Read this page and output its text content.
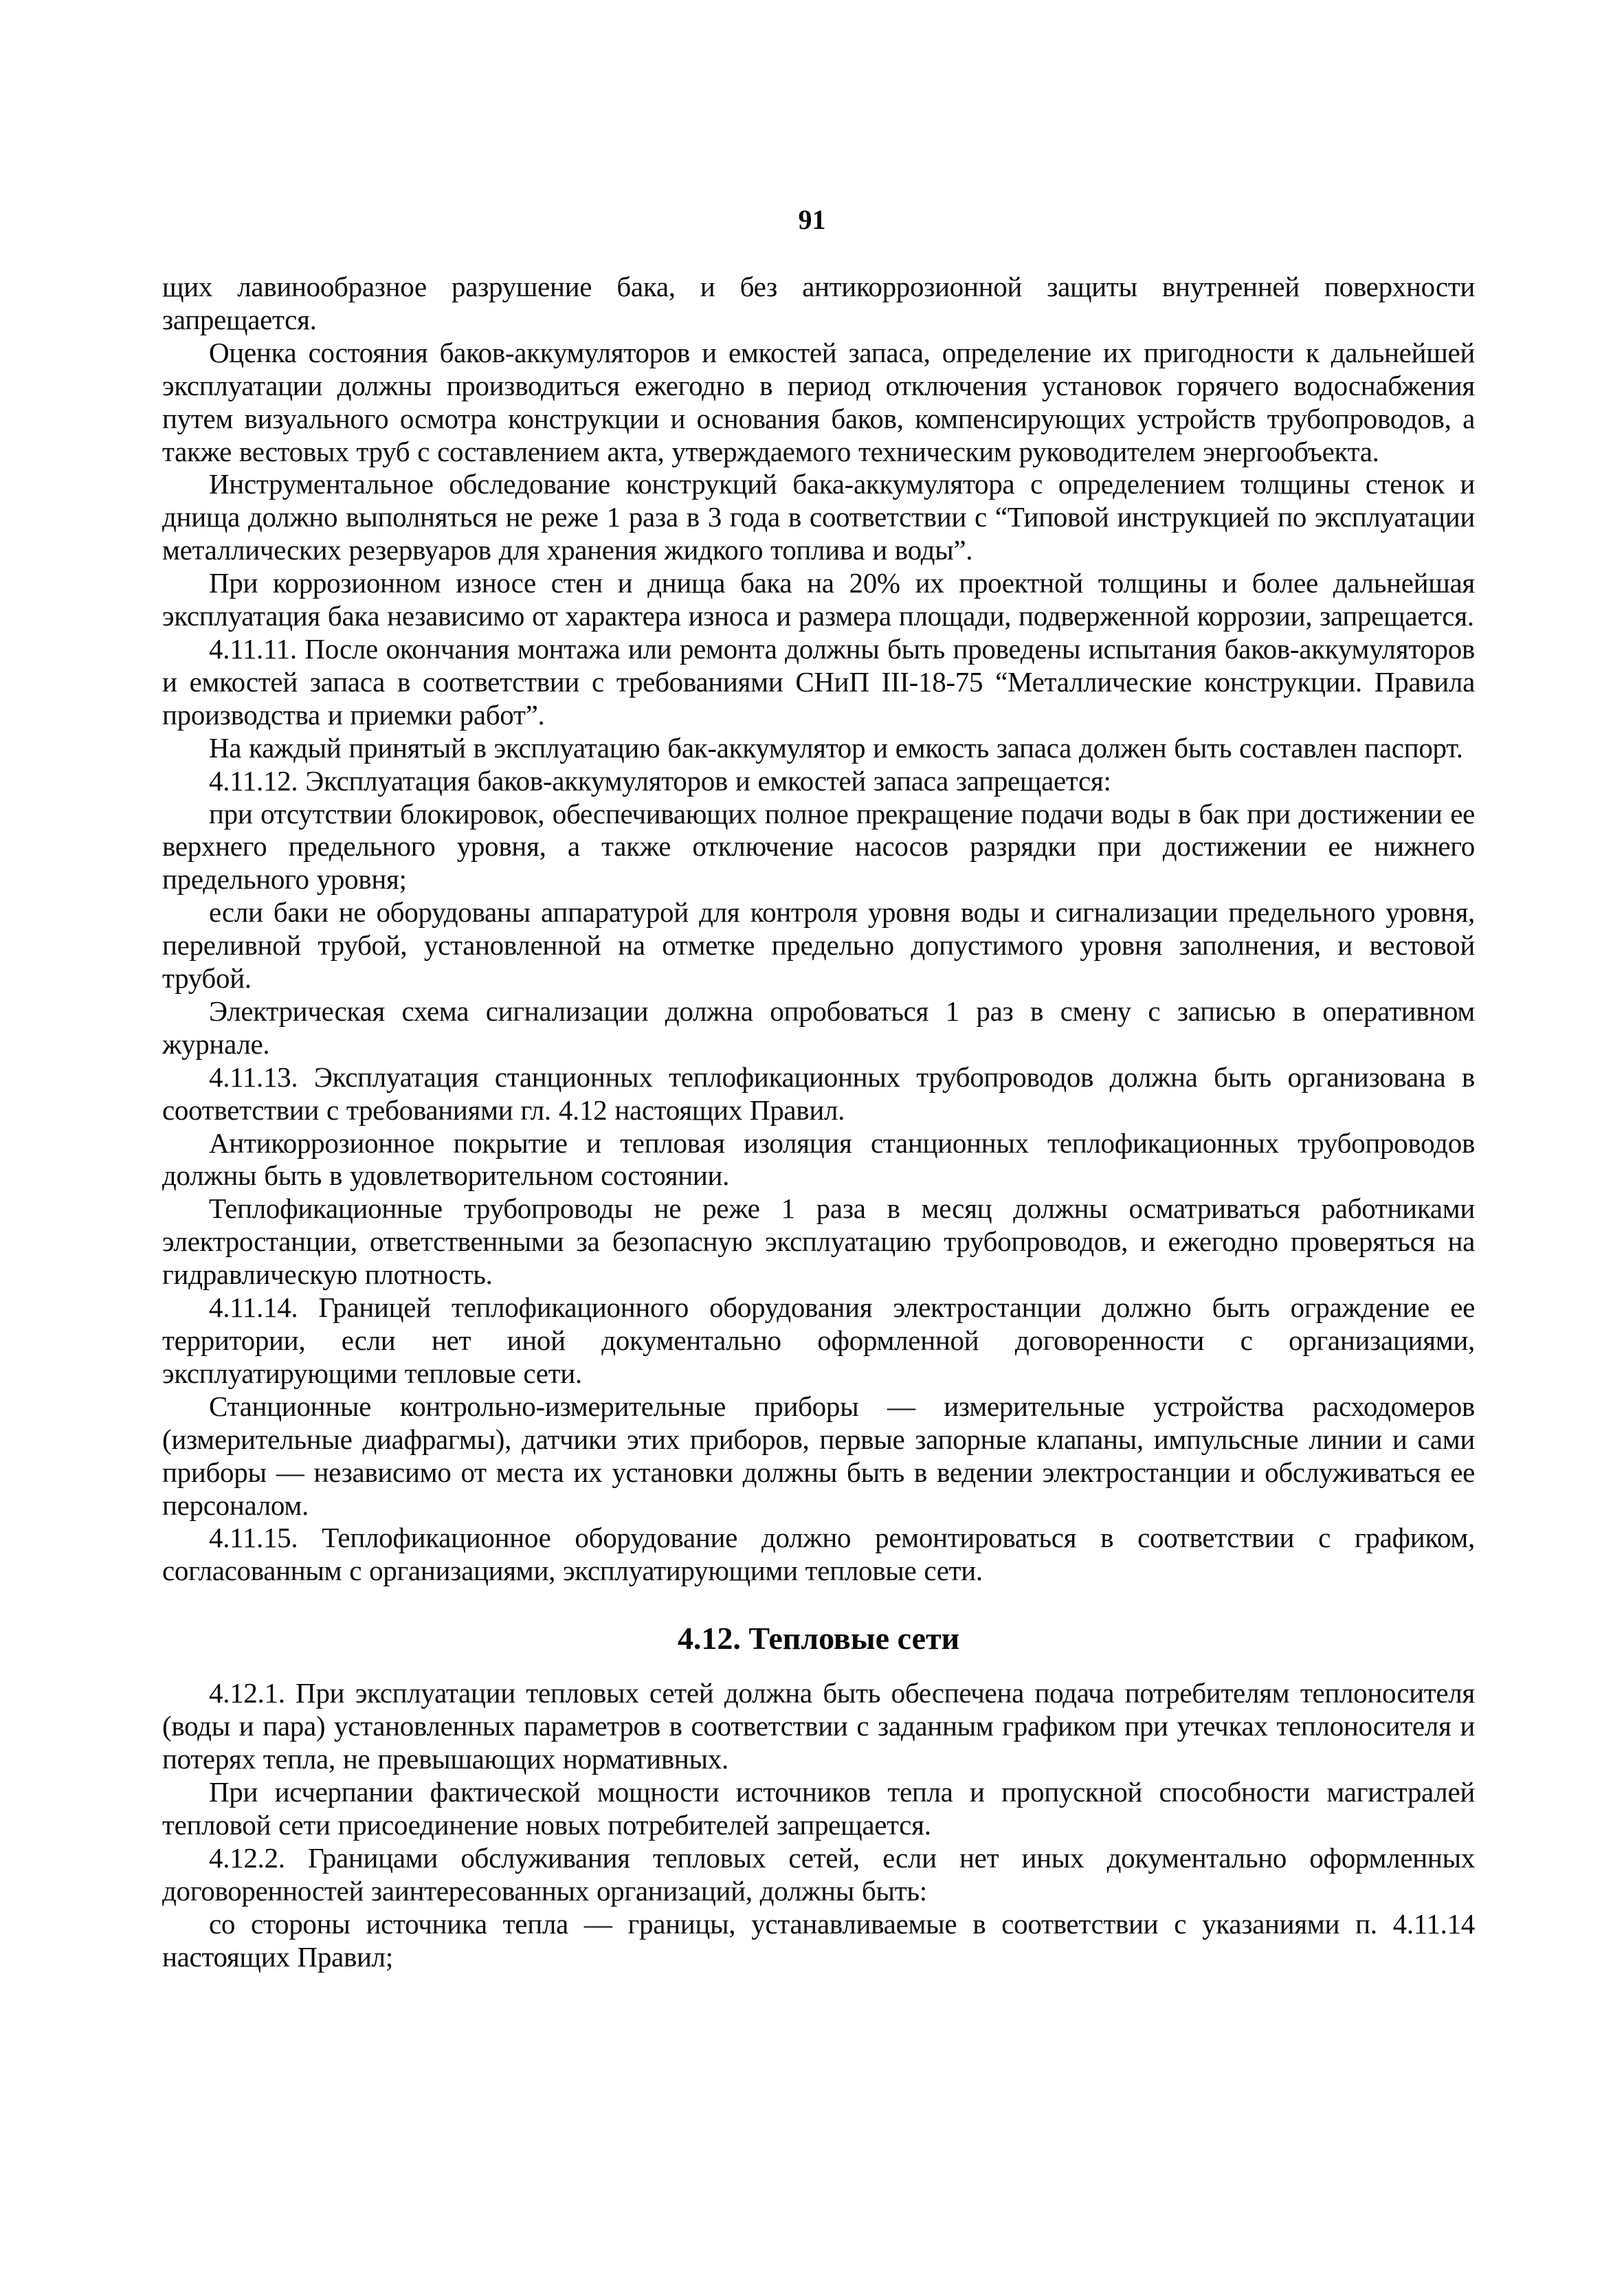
91

щих лавинообразное разрушение бака, и без антикоррозионной защиты внутренней поверхности запрещается.

Оценка состояния баков-аккумуляторов и емкостей запаса, определение их пригодности к дальнейшей эксплуатации должны производиться ежегодно в период отключения установок горячего водоснабжения путем визуального осмотра конструкции и основания баков, компенсирующих устройств трубопроводов, а также вестовых труб с составлением акта, утверждаемого техническим руководителем энергообъекта.

Инструментальное обследование конструкций бака-аккумулятора с определением толщины стенок и днища должно выполняться не реже 1 раза в 3 года в соответствии с “Типовой инструкцией по эксплуатации металлических резервуаров для хранения жидкого топлива и воды”.

При коррозионном износе стен и днища бака на 20% их проектной толщины и более дальнейшая эксплуатация бака независимо от характера износа и размера площади, подверженной коррозии, запрещается.

4.11.11. После окончания монтажа или ремонта должны быть проведены испытания баков-аккумуляторов и емкостей запаса в соответствии с требованиями СНиП III-18-75 “Металлические конструкции. Правила производства и приемки работ”.

На каждый принятый в эксплуатацию бак-аккумулятор и емкость запаса должен быть составлен паспорт.

4.11.12. Эксплуатация баков-аккумуляторов и емкостей запаса запрещается:

при отсутствии блокировок, обеспечивающих полное прекращение подачи воды в бак при достижении ее верхнего предельного уровня, а также отключение насосов разрядки при достижении ее нижнего предельного уровня;

если баки не оборудованы аппаратурой для контроля уровня воды и сигнализации предельного уровня, переливной трубой, установленной на отметке предельно допустимого уровня заполнения, и вестовой трубой.

Электрическая схема сигнализации должна опробоваться 1 раз в смену с записью в оперативном журнале.

4.11.13. Эксплуатация станционных теплофикационных трубопроводов должна быть организована в соответствии с требованиями гл. 4.12 настоящих Правил.

Антикоррозионное покрытие и тепловая изоляция станционных теплофикационных трубопроводов должны быть в удовлетворительном состоянии.

Теплофикационные трубопроводы не реже 1 раза в месяц должны осматриваться работниками электростанции, ответственными за безопасную эксплуатацию трубопроводов, и ежегодно проверяться на гидравлическую плотность.

4.11.14. Границей теплофикационного оборудования электростанции должно быть ограждение ее территории, если нет иной документально оформленной договоренности с организациями, эксплуатирующими тепловые сети.

Станционные контрольно-измерительные приборы — измерительные устройства расходомеров (измерительные диафрагмы), датчики этих приборов, первые запорные клапаны, импульсные линии и сами приборы — независимо от места их установки должны быть в ведении электростанции и обслуживаться ее персоналом.

4.11.15. Теплофикационное оборудование должно ремонтироваться в соответствии с графиком, согласованным с организациями, эксплуатирующими тепловые сети.

4.12. Тепловые сети

4.12.1. При эксплуатации тепловых сетей должна быть обеспечена подача потребителям теплоносителя (воды и пара) установленных параметров в соответствии с заданным графиком при утечках теплоносителя и потерях тепла, не превышающих нормативных.

При исчерпании фактической мощности источников тепла и пропускной способности магистралей тепловой сети присоединение новых потребителей запрещается.

4.12.2. Границами обслуживания тепловых сетей, если нет иных документально оформленных договоренностей заинтересованных организаций, должны быть:

со стороны источника тепла — границы, устанавливаемые в соответствии с указаниями п. 4.11.14 настоящих Правил;
